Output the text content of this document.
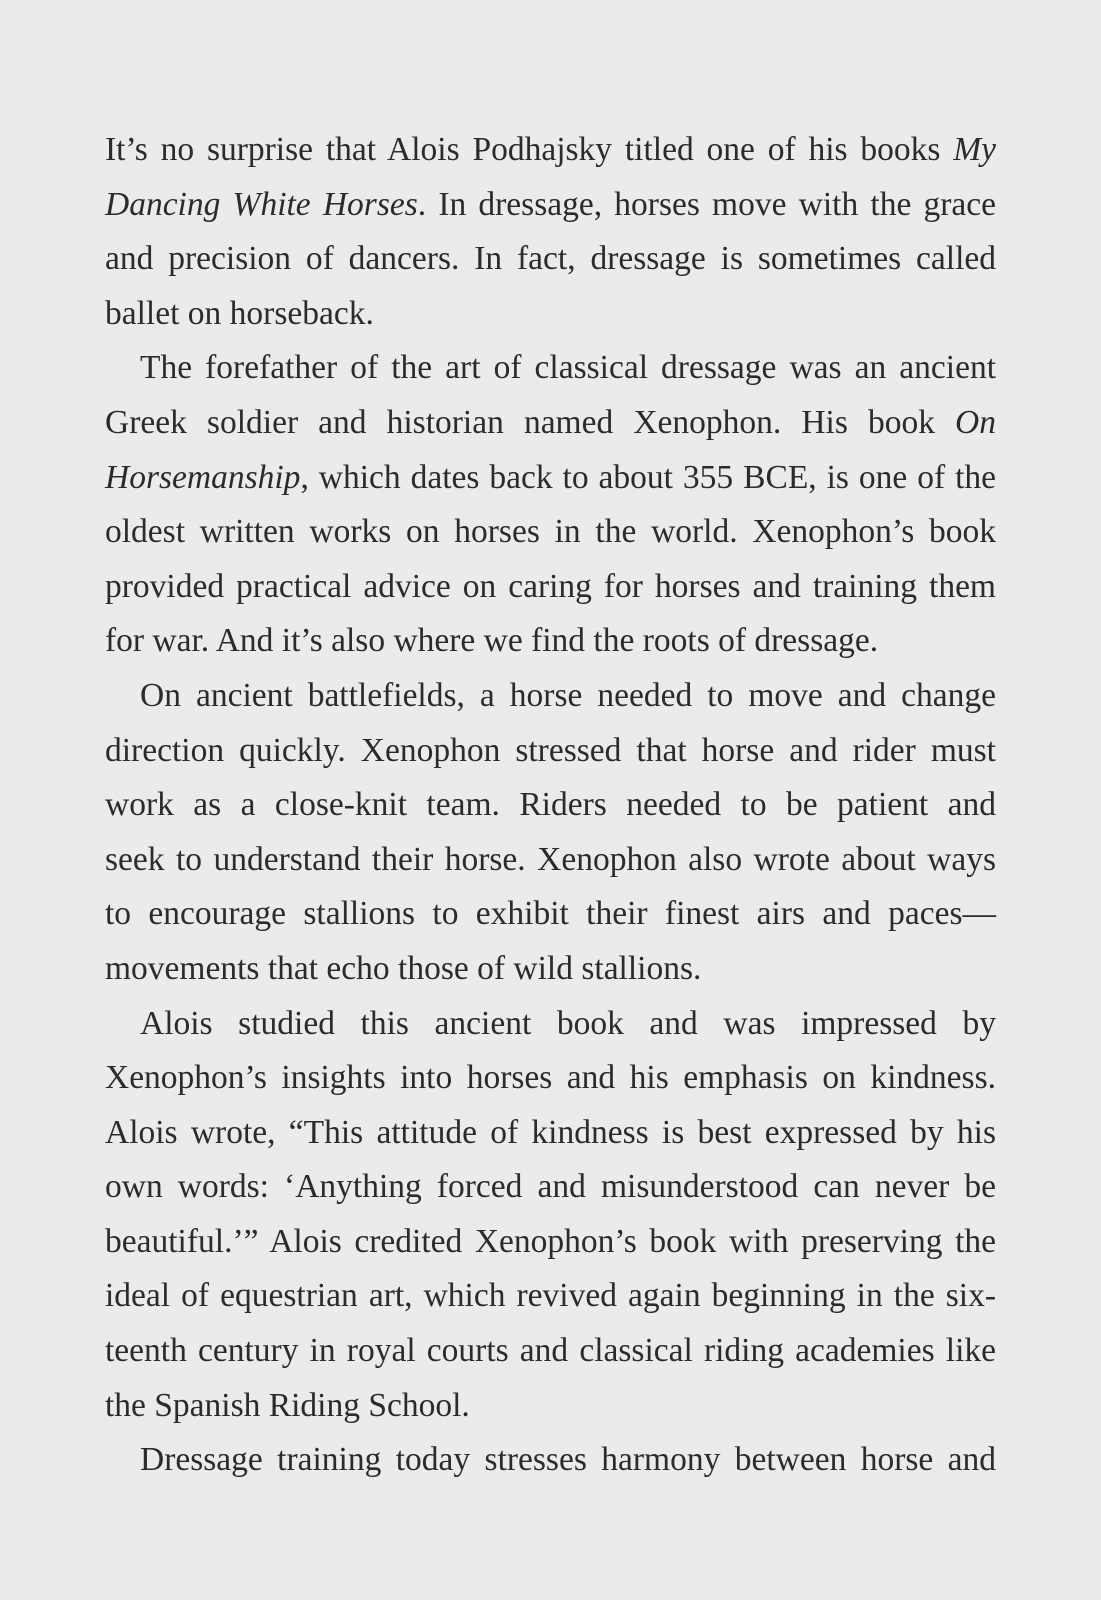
It’s no surprise that Alois Podhajsky titled one of his books My
Dancing White Horses. In dressage, horses move with the grace
and precision of dancers. In fact, dressage is sometimes called
ballet on horseback.
The forefather of the art of classical dressage was an ancient
Greek soldier and historian named Xenophon. His book On
Horsemanship, which dates back to about 355 BCE, is one of the
oldest written works on horses in the world. Xenophon’s book
provided practical advice on caring for horses and training them
for war. And it’s also where we find the roots of dressage.
On ancient battlefields, a horse needed to move and change
direction quickly. Xenophon stressed that horse and rider must
work as a close-knit team. Riders needed to be patient and
seek to understand their horse. Xenophon also wrote about ways
to encourage stallions to exhibit their finest airs and paces—
movements that echo those of wild stallions.
Alois studied this ancient book and was impressed by
Xenophon’s insights into horses and his emphasis on kindness.
Alois wrote, “This attitude of kindness is best expressed by his
own words: ‘Anything forced and misunderstood can never be
beautiful.’” Alois credited Xenophon’s book with preserving the
ideal of equestrian art, which revived again beginning in the six-
teenth century in royal courts and classical riding academies like
the Spanish Riding School.
Dressage training today stresses harmony between horse and
